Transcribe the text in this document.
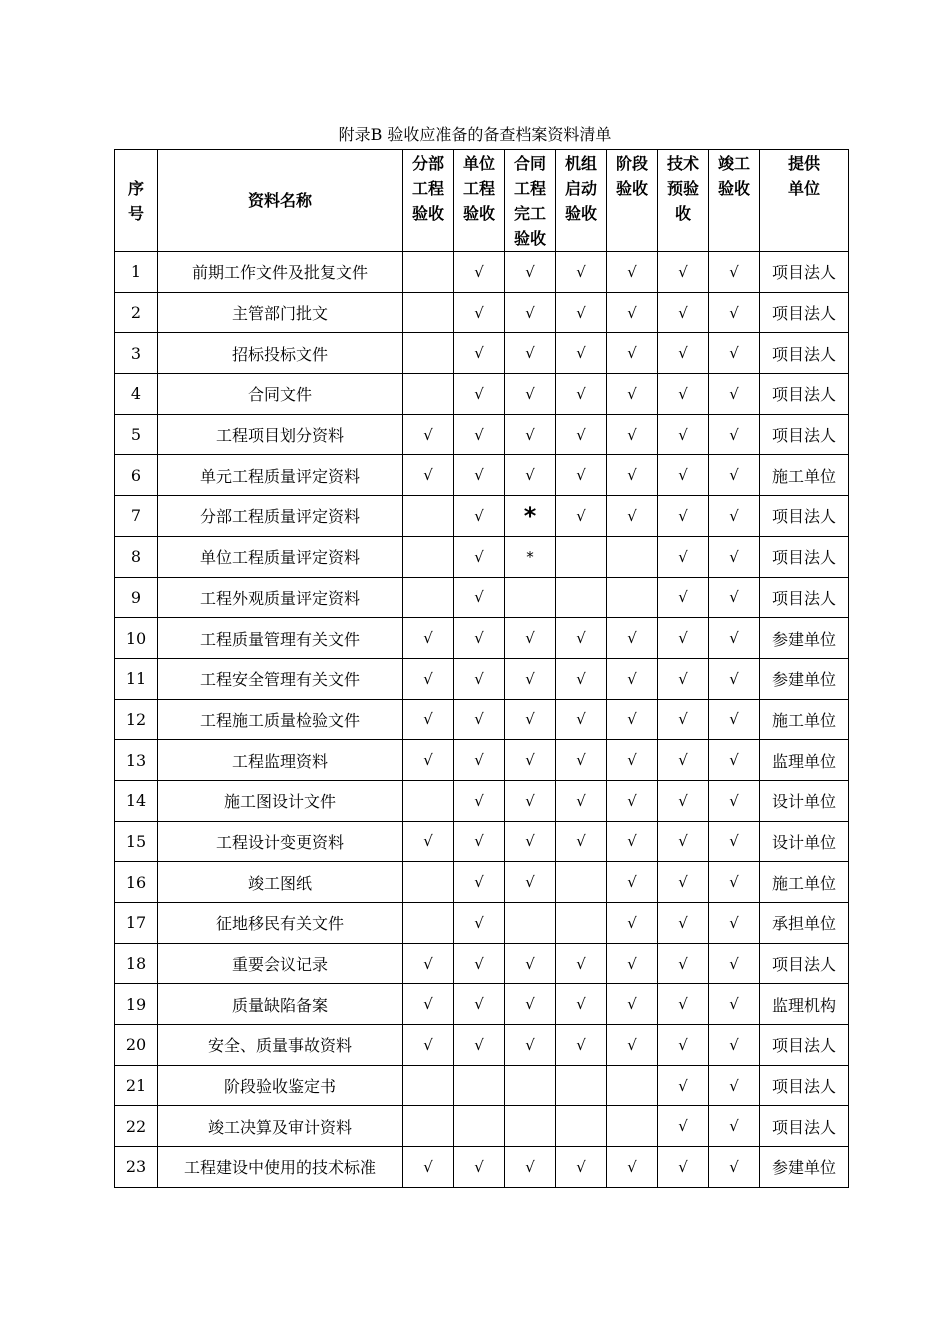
附录B 验收应准备的备查档案资料清单
序
号	资料名称	分部
工程
验收	单位
工程
验收	合同
工程
完工
验收	机组
启动
验收	阶段
验收	技术
预验
收	竣工
验收	提供
单位

1	前期工作文件及批复文件		√	√	√	√	√	√	项目法人
2	主管部门批文		√	√	√	√	√	√	项目法人
3	招标投标文件		√	√	√	√	√	√	项目法人
4	合同文件		√	√	√	√	√	√	项目法人
5	工程项目划分资料	√	√	√	√	√	√	√	项目法人
6	单元工程质量评定资料	√	√	√	√	√	√	√	施工单位
7	分部工程质量评定资料		√	*	√	√	√	√	项目法人
8	单位工程质量评定资料		√	*			√	√	项目法人
9	工程外观质量评定资料		√				√	√	项目法人
10	工程质量管理有关文件	√	√	√	√	√	√	√	参建单位
11	工程安全管理有关文件	√	√	√	√	√	√	√	参建单位
12	工程施工质量检验文件	√	√	√	√	√	√	√	施工单位
13	工程监理资料	√	√	√	√	√	√	√	监理单位
14	施工图设计文件		√	√	√	√	√	√	设计单位
15	工程设计变更资料	√	√	√	√	√	√	√	设计单位
16	竣工图纸		√	√		√	√	√	施工单位
17	征地移民有关文件		√			√	√	√	承担单位
18	重要会议记录	√	√	√	√	√	√	√	项目法人
19	质量缺陷备案	√	√	√	√	√	√	√	监理机构
20	安全、质量事故资料	√	√	√	√	√	√	√	项目法人
21	阶段验收鉴定书						√	√	项目法人
22	竣工决算及审计资料						√	√	项目法人
23	工程建设中使用的技术标准	√	√	√	√	√	√	√	参建单位
